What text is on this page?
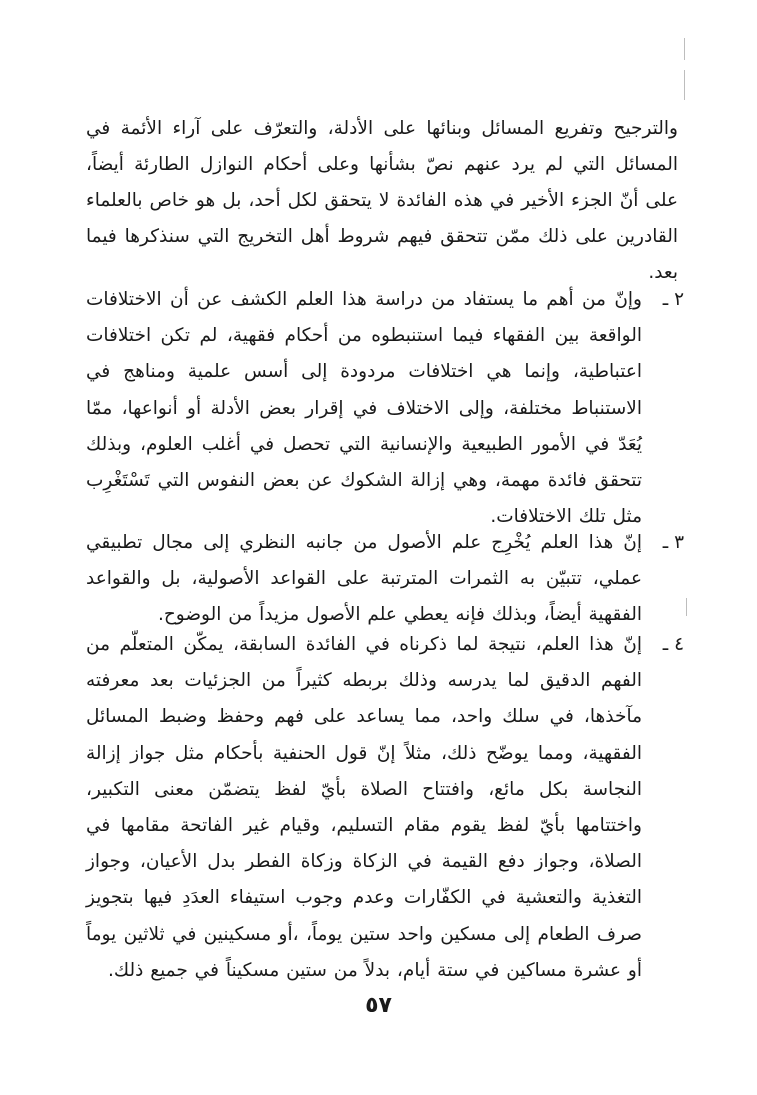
والترجيح وتفريع المسائل وبنائها على الأدلة، والتعرّف على آراء الأئمة في المسائل التي لم يرد عنهم نصّ بشأنها وعلى أحكام النوازل الطارئة أيضاً، على أنّ الجزء الأخير في هذه الفائدة لا يتحقق لكل أحد، بل هو خاص بالعلماء القادرين على ذلك ممّن تتحقق فيهم شروط أهل التخريج التي سنذكرها فيما بعد.

٢ ـ
وإنّ من أهم ما يستفاد من دراسة هذا العلم الكشف عن أن الاختلافات الواقعة بين الفقهاء فيما استنبطوه من أحكام فقهية، لم تكن اختلافات اعتباطية، وإنما هي اختلافات مردودة إلى أسس علمية ومناهج في الاستنباط مختلفة، وإلى الاختلاف في إقرار بعض الأدلة أو أنواعها، ممّا يُعَدّ في الأمور الطبيعية والإنسانية التي تحصل في أغلب العلوم، وبذلك تتحقق فائدة مهمة، وهي إزالة الشكوك عن بعض النفوس التي تَسْتَغْرِب مثل تلك الاختلافات.
٣ ـ
إنّ هذا العلم يُخْرِج علم الأصول من جانبه النظري إلى مجال تطبيقي عملي، تتبيّن به الثمرات المترتبة على القواعد الأصولية، بل والقواعد الفقهية أيضاً، وبذلك فإنه يعطي علم الأصول مزيداً من الوضوح.
٤ ـ
إنّ هذا العلم، نتيجة لما ذكرناه في الفائدة السابقة، يمكّن المتعلّم من الفهم الدقيق لما يدرسه وذلك بربطه كثيراً من الجزئيات بعد معرفته مآخذها، في سلك واحد، مما يساعد على فهم وحفظ وضبط المسائل الفقهية، ومما يوضّح ذلك، مثلاً إنّ قول الحنفية بأحكام مثل جواز إزالة النجاسة بكل مائع، وافتتاح الصلاة بأيّ لفظ يتضمّن معنى التكبير، واختتامها بأيّ لفظ يقوم مقام التسليم، وقيام غير الفاتحة مقامها في الصلاة، وجواز دفع القيمة في الزكاة وزكاة الفطر بدل الأعيان، وجواز التغذية والتعشية في الكفّارات وعدم وجوب استيفاء العدَدِ فيها بتجويز صرف الطعام إلى مسكين واحد ستين يوماً، ،أو مسكينين في ثلاثين يوماً أو عشرة مساكين في ستة أيام، بدلاً من ستين مسكيناً في جميع ذلك.
٥٧
